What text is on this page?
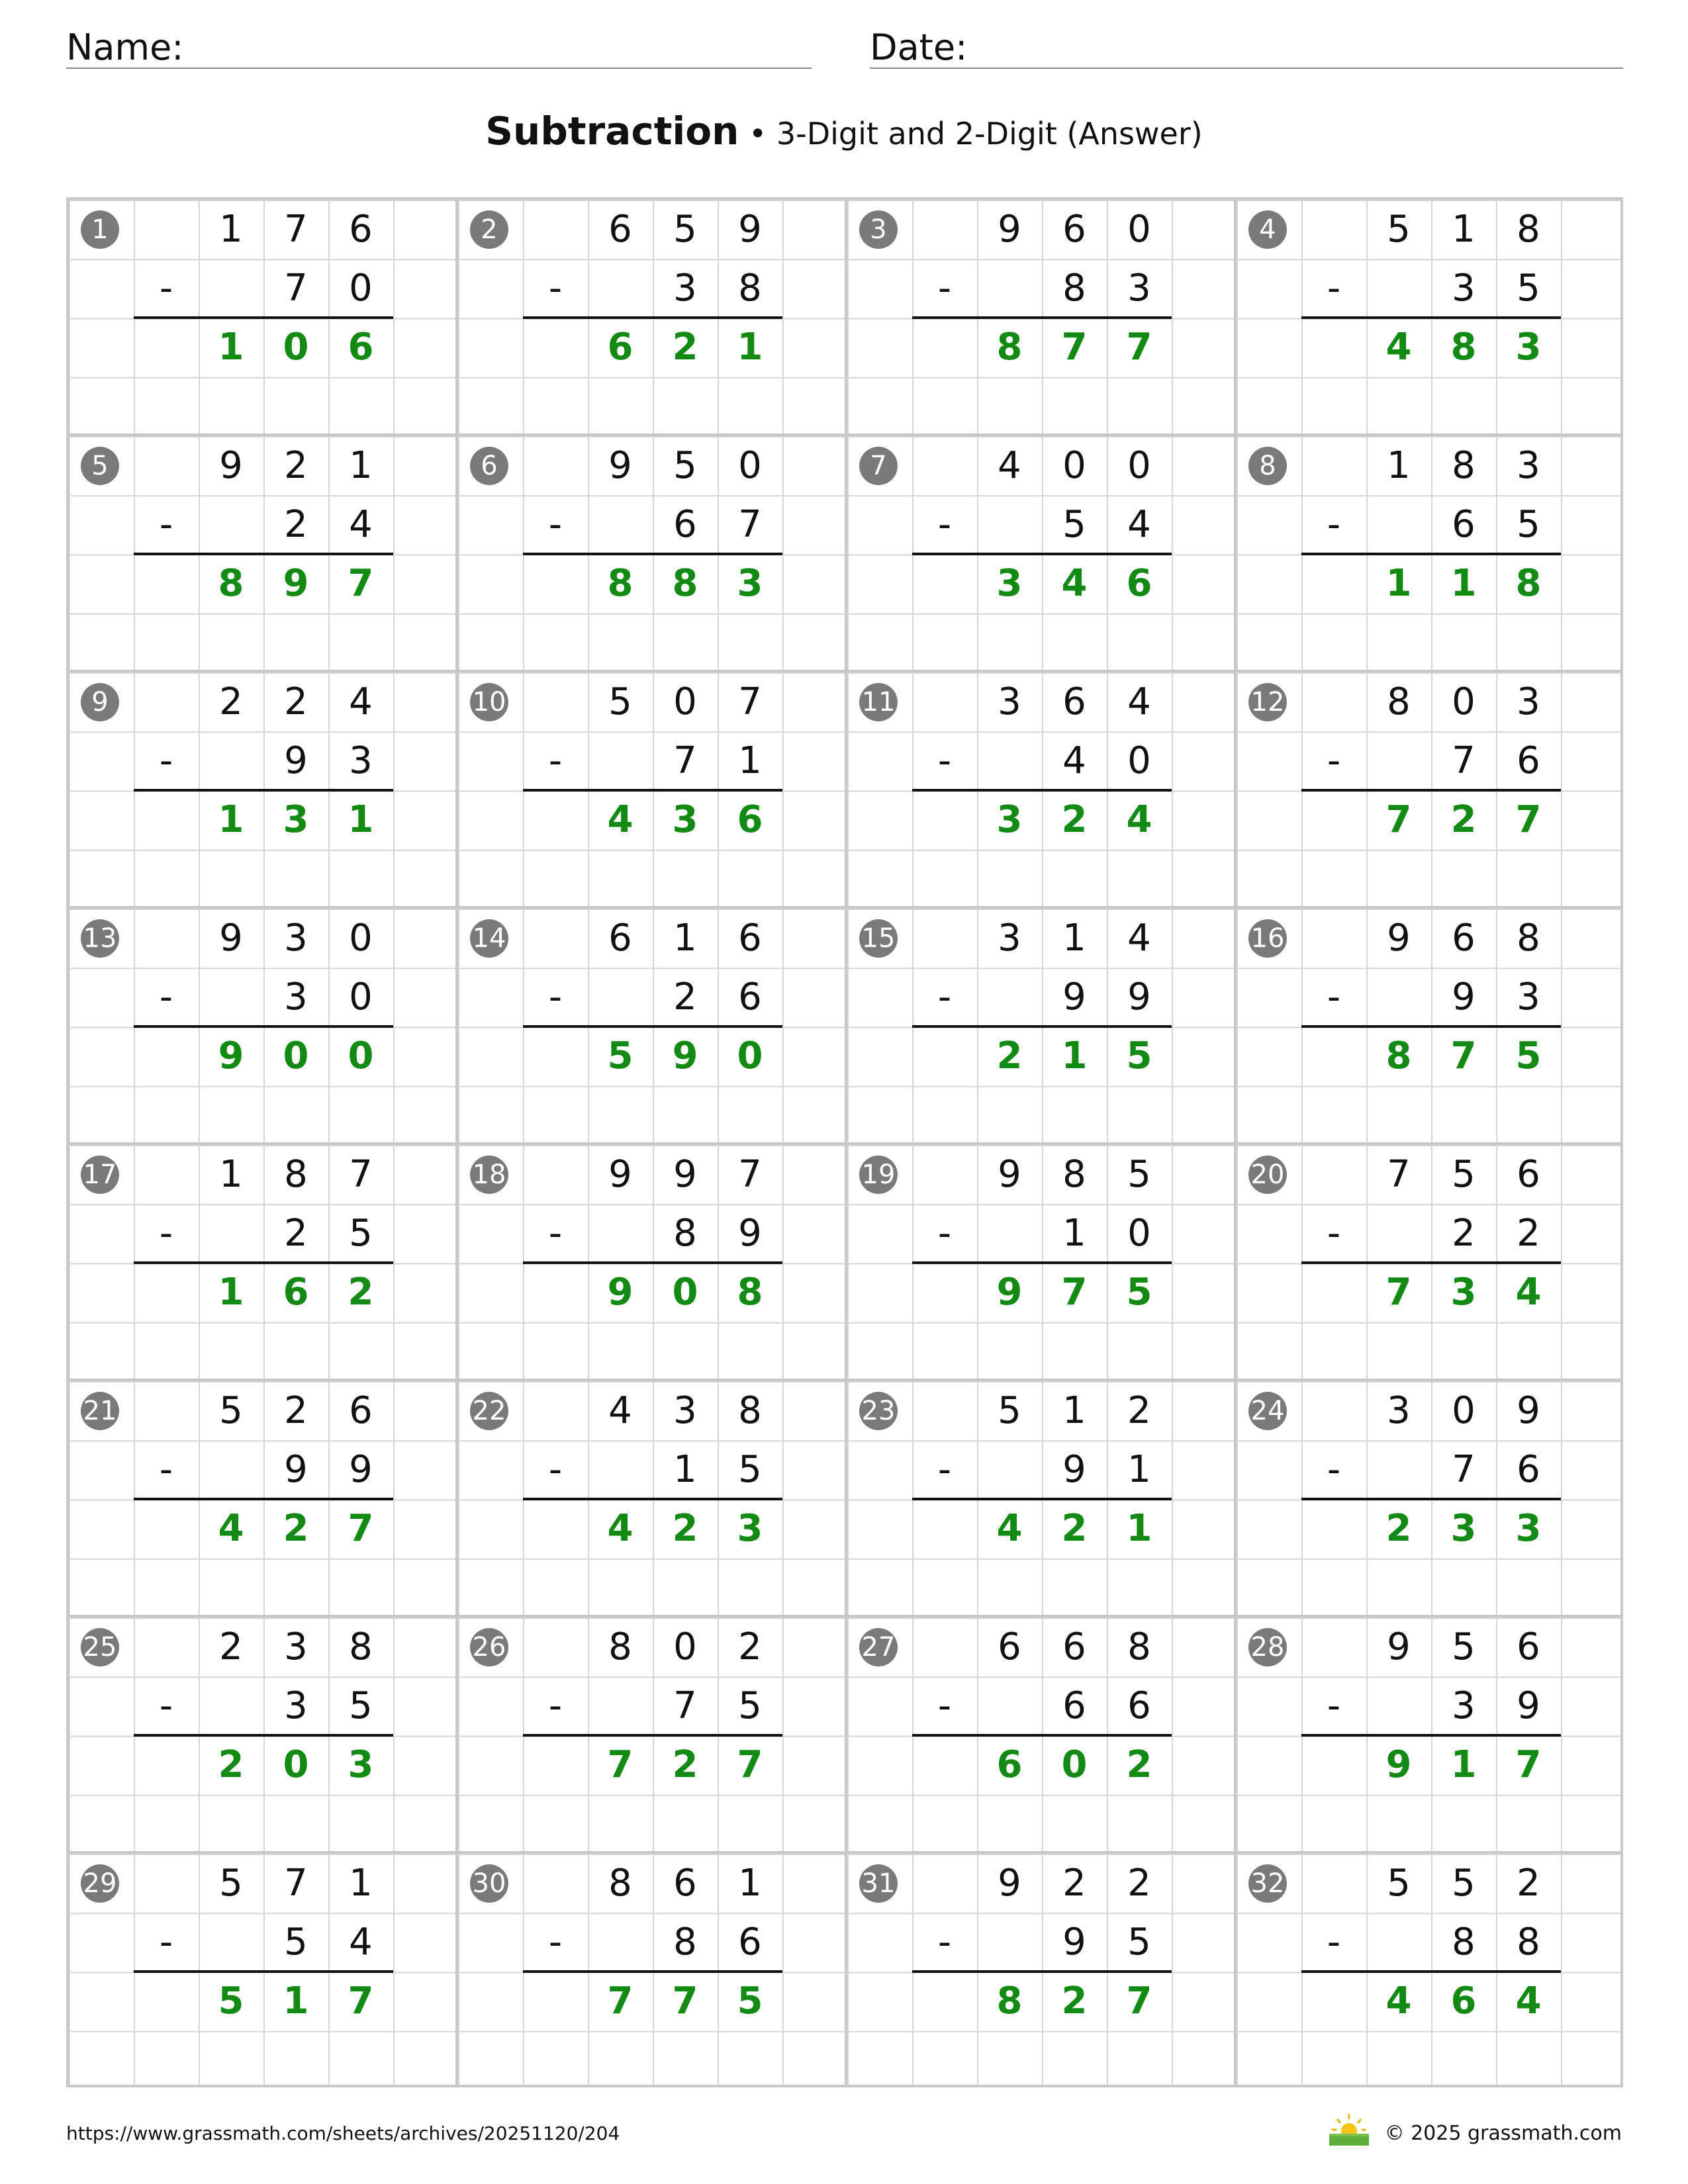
Name:	Date:
Subtraction • 3-Digit and 2-Digit (Answer)
1	1	7	6
-	7	0
1	0	6
2	6	5	9
-	3	8
6	2	1
3	9	6	0
-	8	3
8	7	7
4	5	1	8
-	3	5
4	8	3
5	9	2	1
-	2	4
8	9	7
6	9	5	0
-	6	7
8	8	3
7	4	0	0
-	5	4
3	4	6
8	1	8	3
-	6	5
1	1	8
9	2	2	4
-	9	3
1	3	1
10	5	0	7
-	7	1
4	3	6
11	3	6	4
-	4	0
3	2	4
12	8	0	3
-	7	6
7	2	7
13	9	3	0
-	3	0
9	0	0
14	6	1	6
-	2	6
5	9	0
15	3	1	4
-	9	9
2	1	5
16	9	6	8
-	9	3
8	7	5
17	1	8	7
-	2	5
1	6	2
18	9	9	7
-	8	9
9	0	8
19	9	8	5
-	1	0
9	7	5
20	7	5	6
-	2	2
7	3	4
21	5	2	6
-	9	9
4	2	7
22	4	3	8
-	1	5
4	2	3
23	5	1	2
-	9	1
4	2	1
24	3	0	9
-	7	6
2	3	3
25	2	3	8
-	3	5
2	0	3
26	8	0	2
-	7	5
7	2	7
27	6	6	8
-	6	6
6	0	2
28	9	5	6
-	3	9
9	1	7
29	5	7	1
-	5	4
5	1	7
30	8	6	1
-	8	6
7	7	5
31	9	2	2
-	9	5
8	2	7
32	5	5	2
-	8	8
4	6	4
https://www.grassmath.com/sheets/archives/20251120/204	© 2025 grassmath.com
